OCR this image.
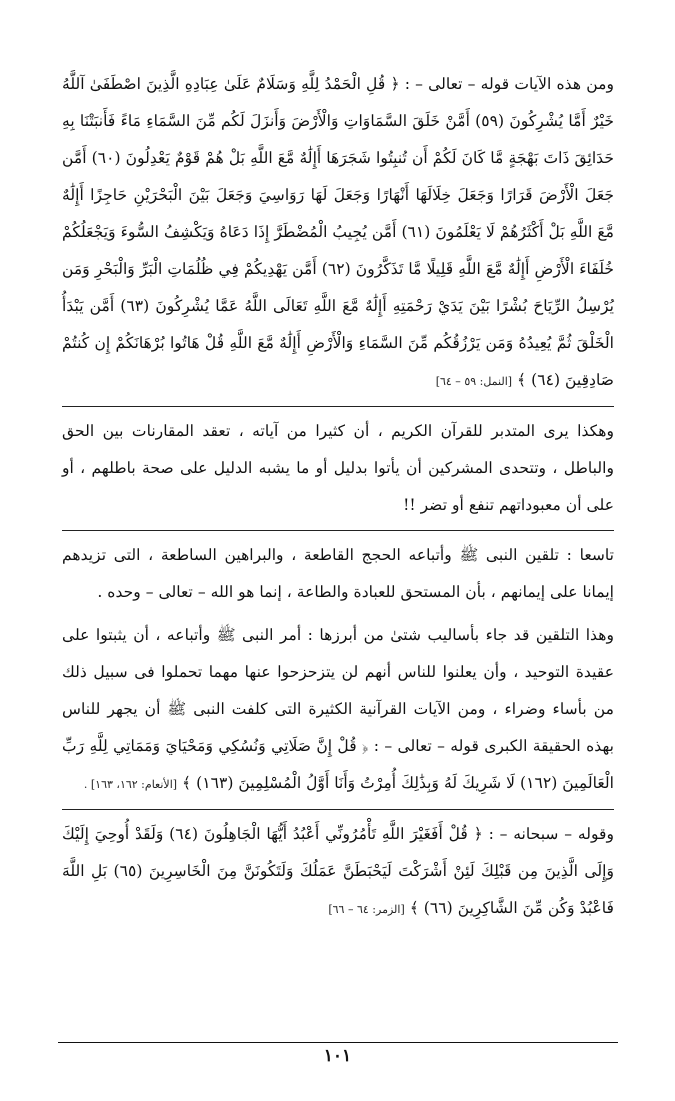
ومن هذه الآيات قوله – تعالى – : ﴿ قُلِ الْحَمْدُ لِلَّهِ وَسَلَامٌ عَلَىٰ عِبَادِهِ الَّذِينَ اصْطَفَىٰ آللَّهُ خَيْرٌ أَمَّا يُشْرِكُونَ (٥٩) أَمَّنْ خَلَقَ السَّمَاوَاتِ وَالْأَرْضَ وَأَنزَلَ لَكُم مِّنَ السَّمَاءِ مَاءً فَأَنبَتْنَا بِهِ حَدَائِقَ ذَاتَ بَهْجَةٍ مَّا كَانَ لَكُمْ أَن تُنبِتُوا شَجَرَهَا أَإِلَٰهٌ مَّعَ اللَّهِ بَلْ هُمْ قَوْمٌ يَعْدِلُونَ (٦٠) أَمَّن جَعَلَ الْأَرْضَ قَرَارًا وَجَعَلَ خِلَالَهَا أَنْهَارًا وَجَعَلَ لَهَا رَوَاسِيَ وَجَعَلَ بَيْنَ الْبَحْرَيْنِ حَاجِزًا أَإِلَٰهٌ مَّعَ اللَّهِ بَلْ أَكْثَرُهُمْ لَا يَعْلَمُونَ (٦١) أَمَّن يُجِيبُ الْمُضْطَرَّ إِذَا دَعَاهُ وَيَكْشِفُ السُّوءَ وَيَجْعَلُكُمْ خُلَفَاءَ الْأَرْضِ أَإِلَٰهٌ مَّعَ اللَّهِ قَلِيلًا مَّا تَذَكَّرُونَ (٦٢) أَمَّن يَهْدِيكُمْ فِي ظُلُمَاتِ الْبَرِّ وَالْبَحْرِ وَمَن يُرْسِلُ الرِّيَاحَ بُشْرًا بَيْنَ يَدَيْ رَحْمَتِهِ أَإِلَٰهٌ مَّعَ اللَّهِ تَعَالَى اللَّهُ عَمَّا يُشْرِكُونَ (٦٣) أَمَّن يَبْدَأُ الْخَلْقَ ثُمَّ يُعِيدُهُ وَمَن يَرْزُقُكُم مِّنَ السَّمَاءِ وَالْأَرْضِ أَإِلَٰهٌ مَّعَ اللَّهِ قُلْ هَاتُوا بُرْهَانَكُمْ إِن كُنتُمْ صَادِقِينَ (٦٤) ﴾ [النمل: ٥٩ – ٦٤]

وهكذا يرى المتدبر للقرآن الكريم ، أن كثيرا من آياته ، تعقد المقارنات بين الحق والباطل ، وتتحدى المشركين أن يأتوا بدليل أو ما يشبه الدليل على صحة باطلهم ، أو على أن معبوداتهم تنفع أو تضر !!

تاسعا : تلقين النبى ﷺ وأتباعه الحجج القاطعة ، والبراهين الساطعة ، التى تزيدهم إيمانا على إيمانهم ، بأن المستحق للعبادة والطاعة ، إنما هو الله – تعالى – وحده .

وهذا التلقين قد جاء بأساليب شتىٰ من أبرزها : أمر النبى ﷺ وأتباعه ، أن يثبتوا على عقيدة التوحيد ، وأن يعلنوا للناس أنهم لن يتزحزحوا عنها مهما تحملوا فى سبيل ذلك من بأساء وضراء ، ومن الآيات القرآنية الكثيرة التى كلفت النبى ﷺ أن يجهر للناس بهذه الحقيقة الكبرى قوله – تعالى – : ﴿ قُلْ إِنَّ صَلَاتِي وَنُسُكِي وَمَحْيَايَ وَمَمَاتِي لِلَّهِ رَبِّ الْعَالَمِينَ (١٦٢) لَا شَرِيكَ لَهُ وَبِذَٰلِكَ أُمِرْتُ وَأَنَا أَوَّلُ الْمُسْلِمِينَ (١٦٣) ﴾ [الأنعام: ١٦٢، ١٦٣] .

وقوله – سبحانه – : ﴿ قُلْ أَفَغَيْرَ اللَّهِ تَأْمُرُونِّي أَعْبُدُ أَيُّهَا الْجَاهِلُونَ (٦٤) وَلَقَدْ أُوحِيَ إِلَيْكَ وَإِلَى الَّذِينَ مِن قَبْلِكَ لَئِنْ أَشْرَكْتَ لَيَحْبَطَنَّ عَمَلُكَ وَلَتَكُونَنَّ مِنَ الْخَاسِرِينَ (٦٥) بَلِ اللَّهَ فَاعْبُدْ وَكُن مِّنَ الشَّاكِرِينَ (٦٦) ﴾ [الزمر: ٦٤ – ٦٦]

١٠١
